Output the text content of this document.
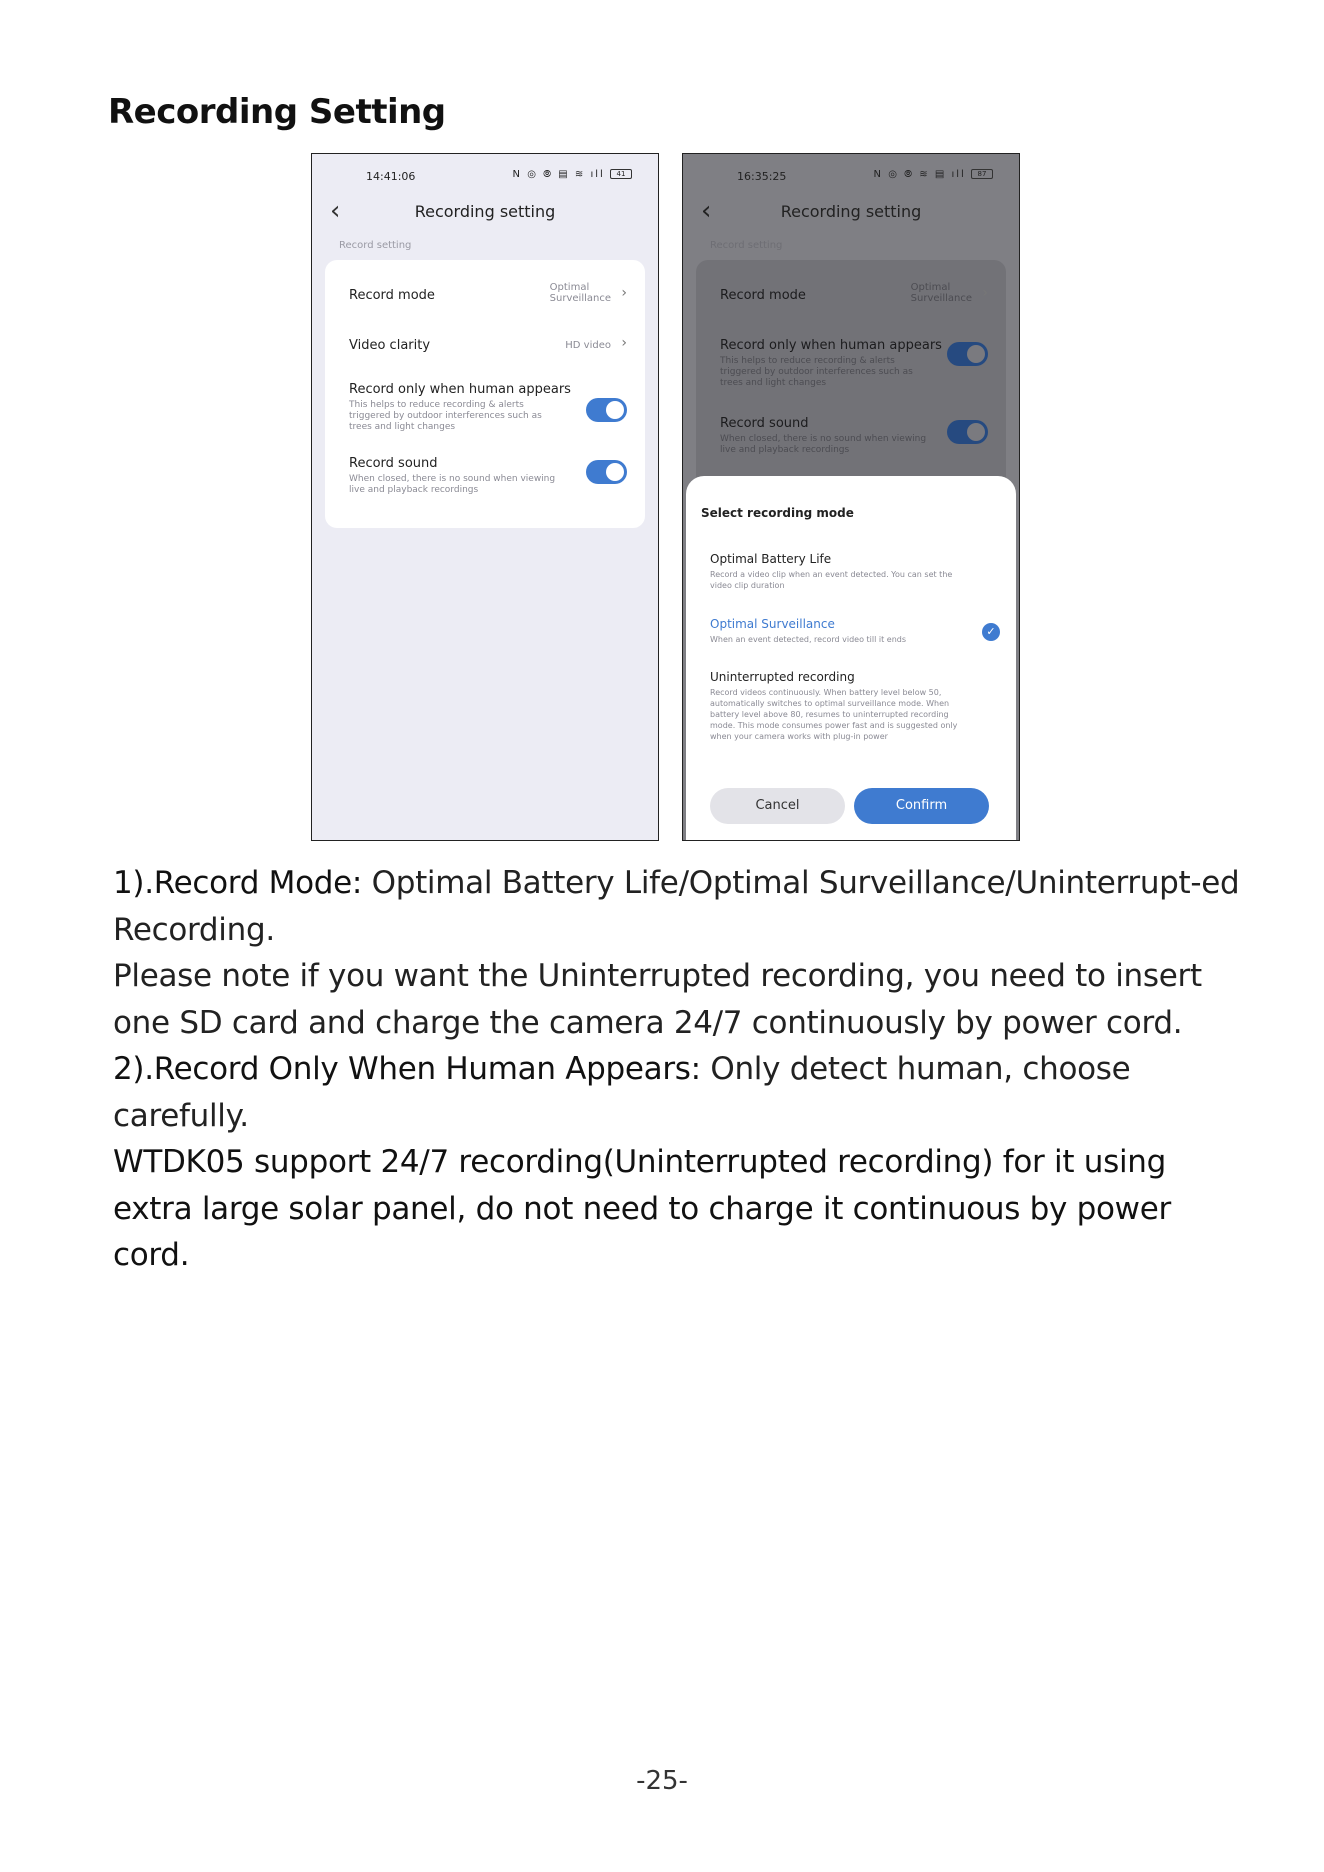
Recording Setting
14:41:06	N ◎ ⦾ ▤ ≋ ıll 41
‹	Recording setting
Record setting
Record mode
Optimal
Surveillance ›
Video clarity	HD video ›
Record only when human appears
This helps to reduce recording & alerts triggered by outdoor interferences such as trees and light changes
Record sound
When closed, there is no sound when viewing live and playback recordings
16:35:25	N ◎ ⦾ ≋ ▤ ıll 87
‹	Recording setting
Record setting
Record mode
Optimal
Surveillance ›
Record only when human appears
This helps to reduce recording & alerts triggered by outdoor interferences such as trees and light changes
Record sound
When closed, there is no sound when viewing live and playback recordings
Select recording mode
Optimal Battery Life
Record a video clip when an event detected. You can set the video clip duration
Optimal Surveillance
When an event detected, record video till it ends
✓
Uninterrupted recording
Record videos continuously. When battery level below 50, automatically switches to optimal surveillance mode. When battery level above 80, resumes to uninterrupted recording mode. This mode consumes power fast and is suggested only when your camera works with plug-in power
Cancel	Confirm

1).Record Mode: Optimal Battery Life/Optimal Surveillance/Uninterrupt-ed Recording.

Please note if you want the Uninterrupted recording, you need to insert one SD card and charge the camera 24/7 continuously by power cord.

2).Record Only When Human Appears: Only detect human, choose carefully.

WTDK05 support 24/7 recording(Uninterrupted recording) for it using extra large solar panel, do not need to charge it continuous by power cord.

-25-
